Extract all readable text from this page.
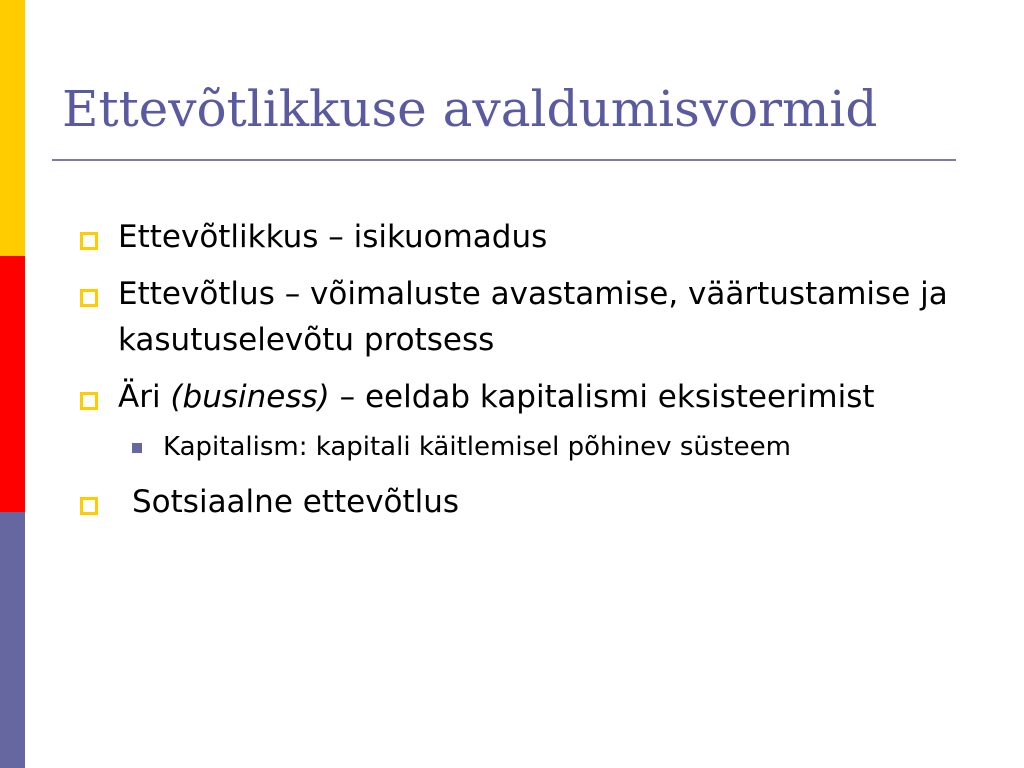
Ettevõtlikkuse avaldumisvormid
Ettevõtlikkus – isikuomadus
Ettevõtlus – võimaluste avastamise, väärtustamise ja kasutuselevõtu protsess
Äri (business) – eeldab kapitalismi eksisteerimist
Kapitalism: kapitali käitlemisel põhinev süsteem
Sotsiaalne ettevõtlus
